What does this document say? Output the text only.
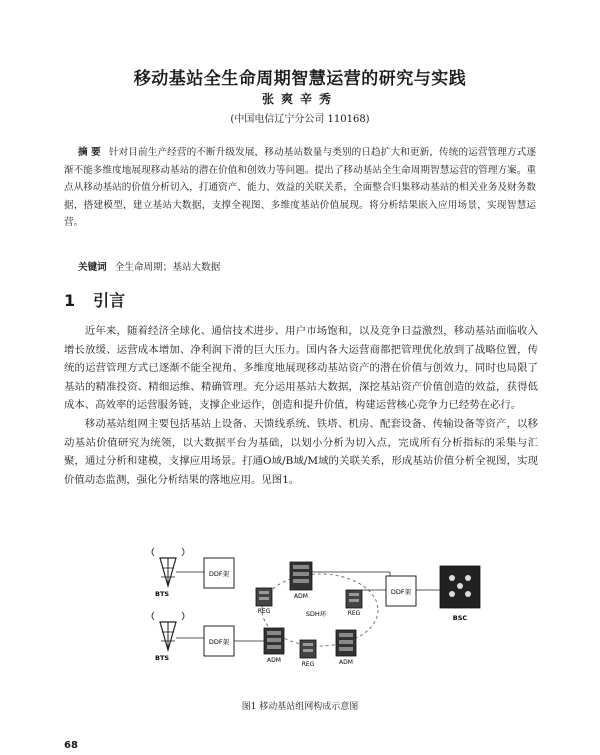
移动基站全生命周期智慧运营的研究与实践
张爽辛秀
(中国电信辽宁分公司 110168)
摘 要 针对目前生产经营的不断升级发展，移动基站数量与类别的日趋扩大和更新，传统的运营管理方式逐渐不能多维度地展现移动基站的潜在价值和创效力等问题。提出了移动基站全生命周期智慧运营的管理方案。重点从移动基站的价值分析切入，打通资产、能力、效益的关联关系，全面整合归集移动基站的相关业务及财务数据，搭建模型，建立基站大数据，支撑全视图、多维度基站价值展现。将分析结果嵌入应用场景，实现智慧运营。
关键词 全生命周期；基站大数据
1 引言

近年来，随着经济全球化、通信技术进步、用户市场饱和，以及竞争日益激烈，移动基站面临收入增长放缓、运营成本增加、净利润下滑的巨大压力。国内各大运营商都把管理优化放到了战略位置，传统的运营管理方式已逐渐不能全视角、多维度地展现移动基站资产的潜在价值与创效力，同时也局限了基站的精准投资、精细运维、精确管理。充分运用基站大数据，深挖基站资产价值创造的效益，获得低成本、高效率的运营服务链，支撑企业运作，创造和提升价值，构建运营核心竞争力已经势在必行。

移动基站组网主要包括基站上设备、天馈线系统、铁塔、机房、配套设备、传输设备等资产，以移动基站价值研究为统领，以大数据平台为基础，以划小分析为切入点，完成所有分析指标的采集与汇聚，通过分析和建模，支撑应用场景。打通O域/B域/M域的关联关系，形成基站价值分析全视图，实现价值动态监测，强化分析结果的落地应用。见图1。

BTS
BTS
DDF架
DDF架
SDH环
ADM
REG	REG
ADM
REG	ADM
DDF架
BSC
图1 移动基站组网构成示意图
68
